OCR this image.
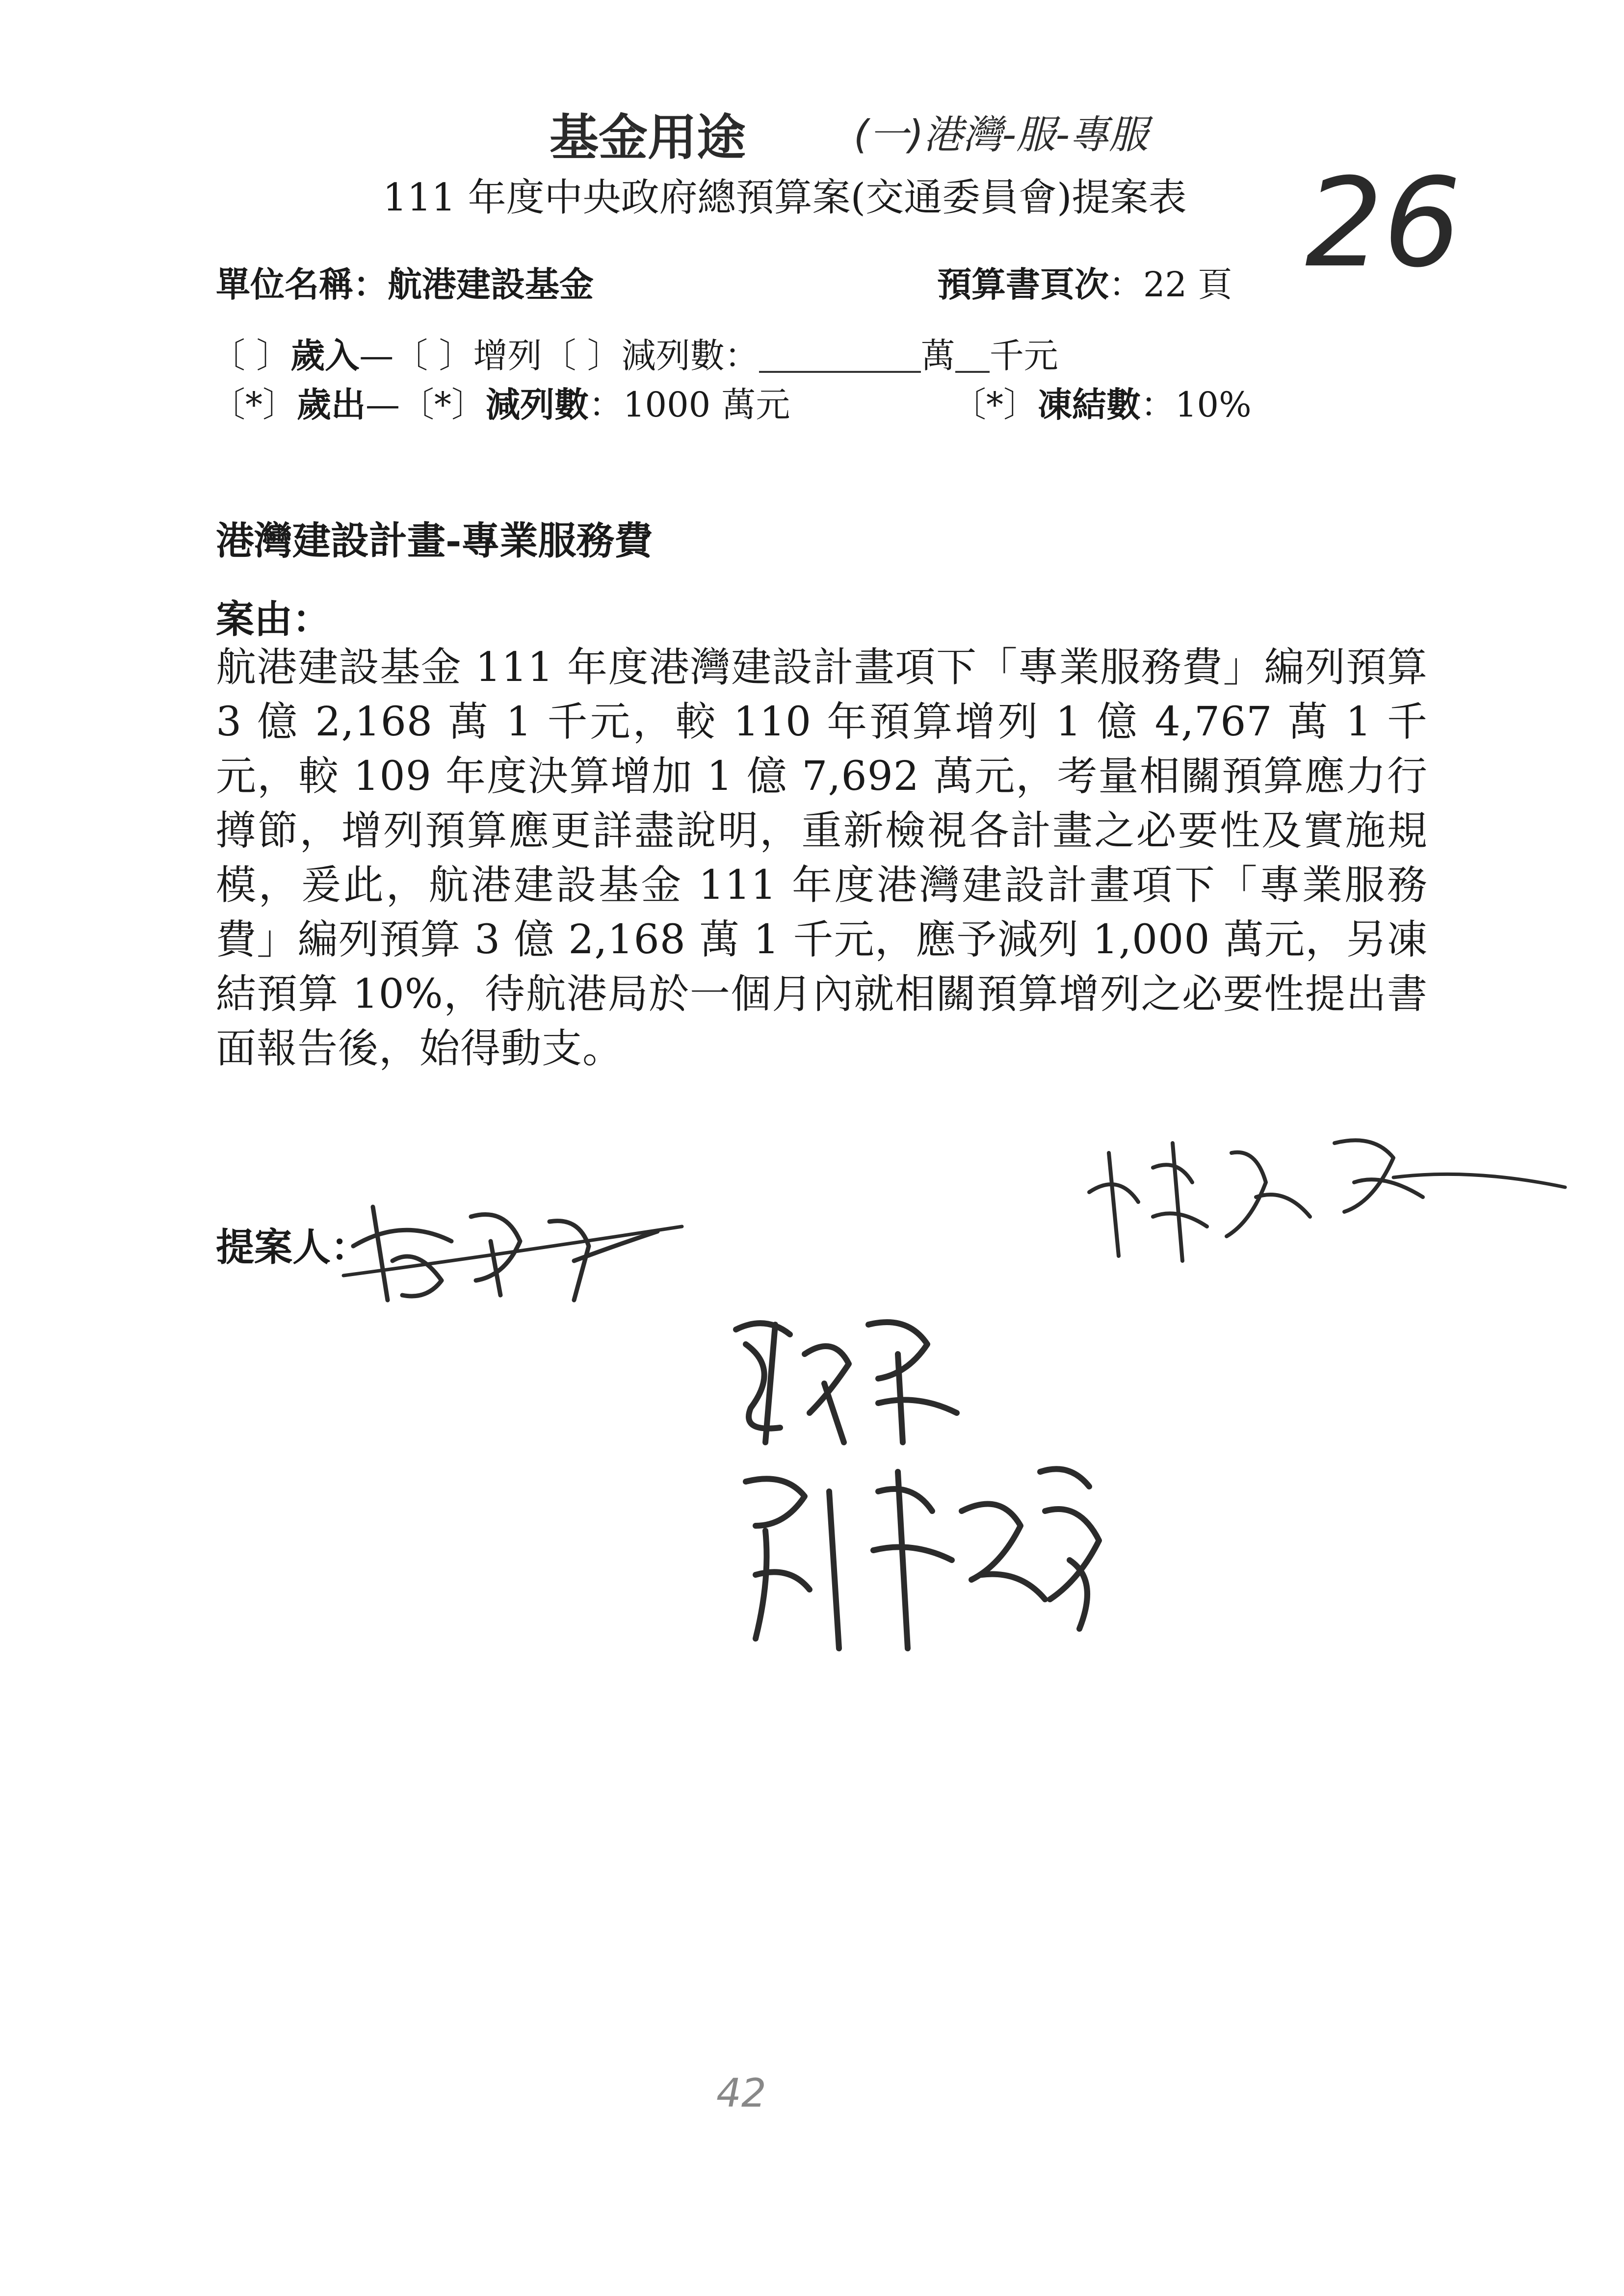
基金用途	(一)港灣-服-專服
111 年度中央政府總預算案(交通委員會)提案表 26
單位名稱：航港建設基金	預算書頁次：22 頁
〔 〕歲入—〔 〕增列〔 〕減列數：	萬 千元
〔*〕歲出—〔*〕減列數：1000 萬元	〔*〕凍結數：10%
港灣建設計畫-專業服務費
案由：
航港建設基金 111 年度港灣建設計畫項下「專業服務費」編列預算 3 億 2,168 萬 1 千元，較 110 年預算增列 1 億 4,767 萬 1 千元，較 109 年度決算增加 1 億 7,692 萬元，考量相關預算應力行撙節，增列預算應更詳盡說明，重新檢視各計畫之必要性及實施規模，爰此，航港建設基金 111 年度港灣建設計畫項下「專業服務費」編列預算 3 億 2,168 萬 1 千元，應予減列 1,000 萬元，另凍結預算 10%，待航港局於一個月內就相關預算增列之必要性提出書面報告後，始得動支。
提案人：
42
